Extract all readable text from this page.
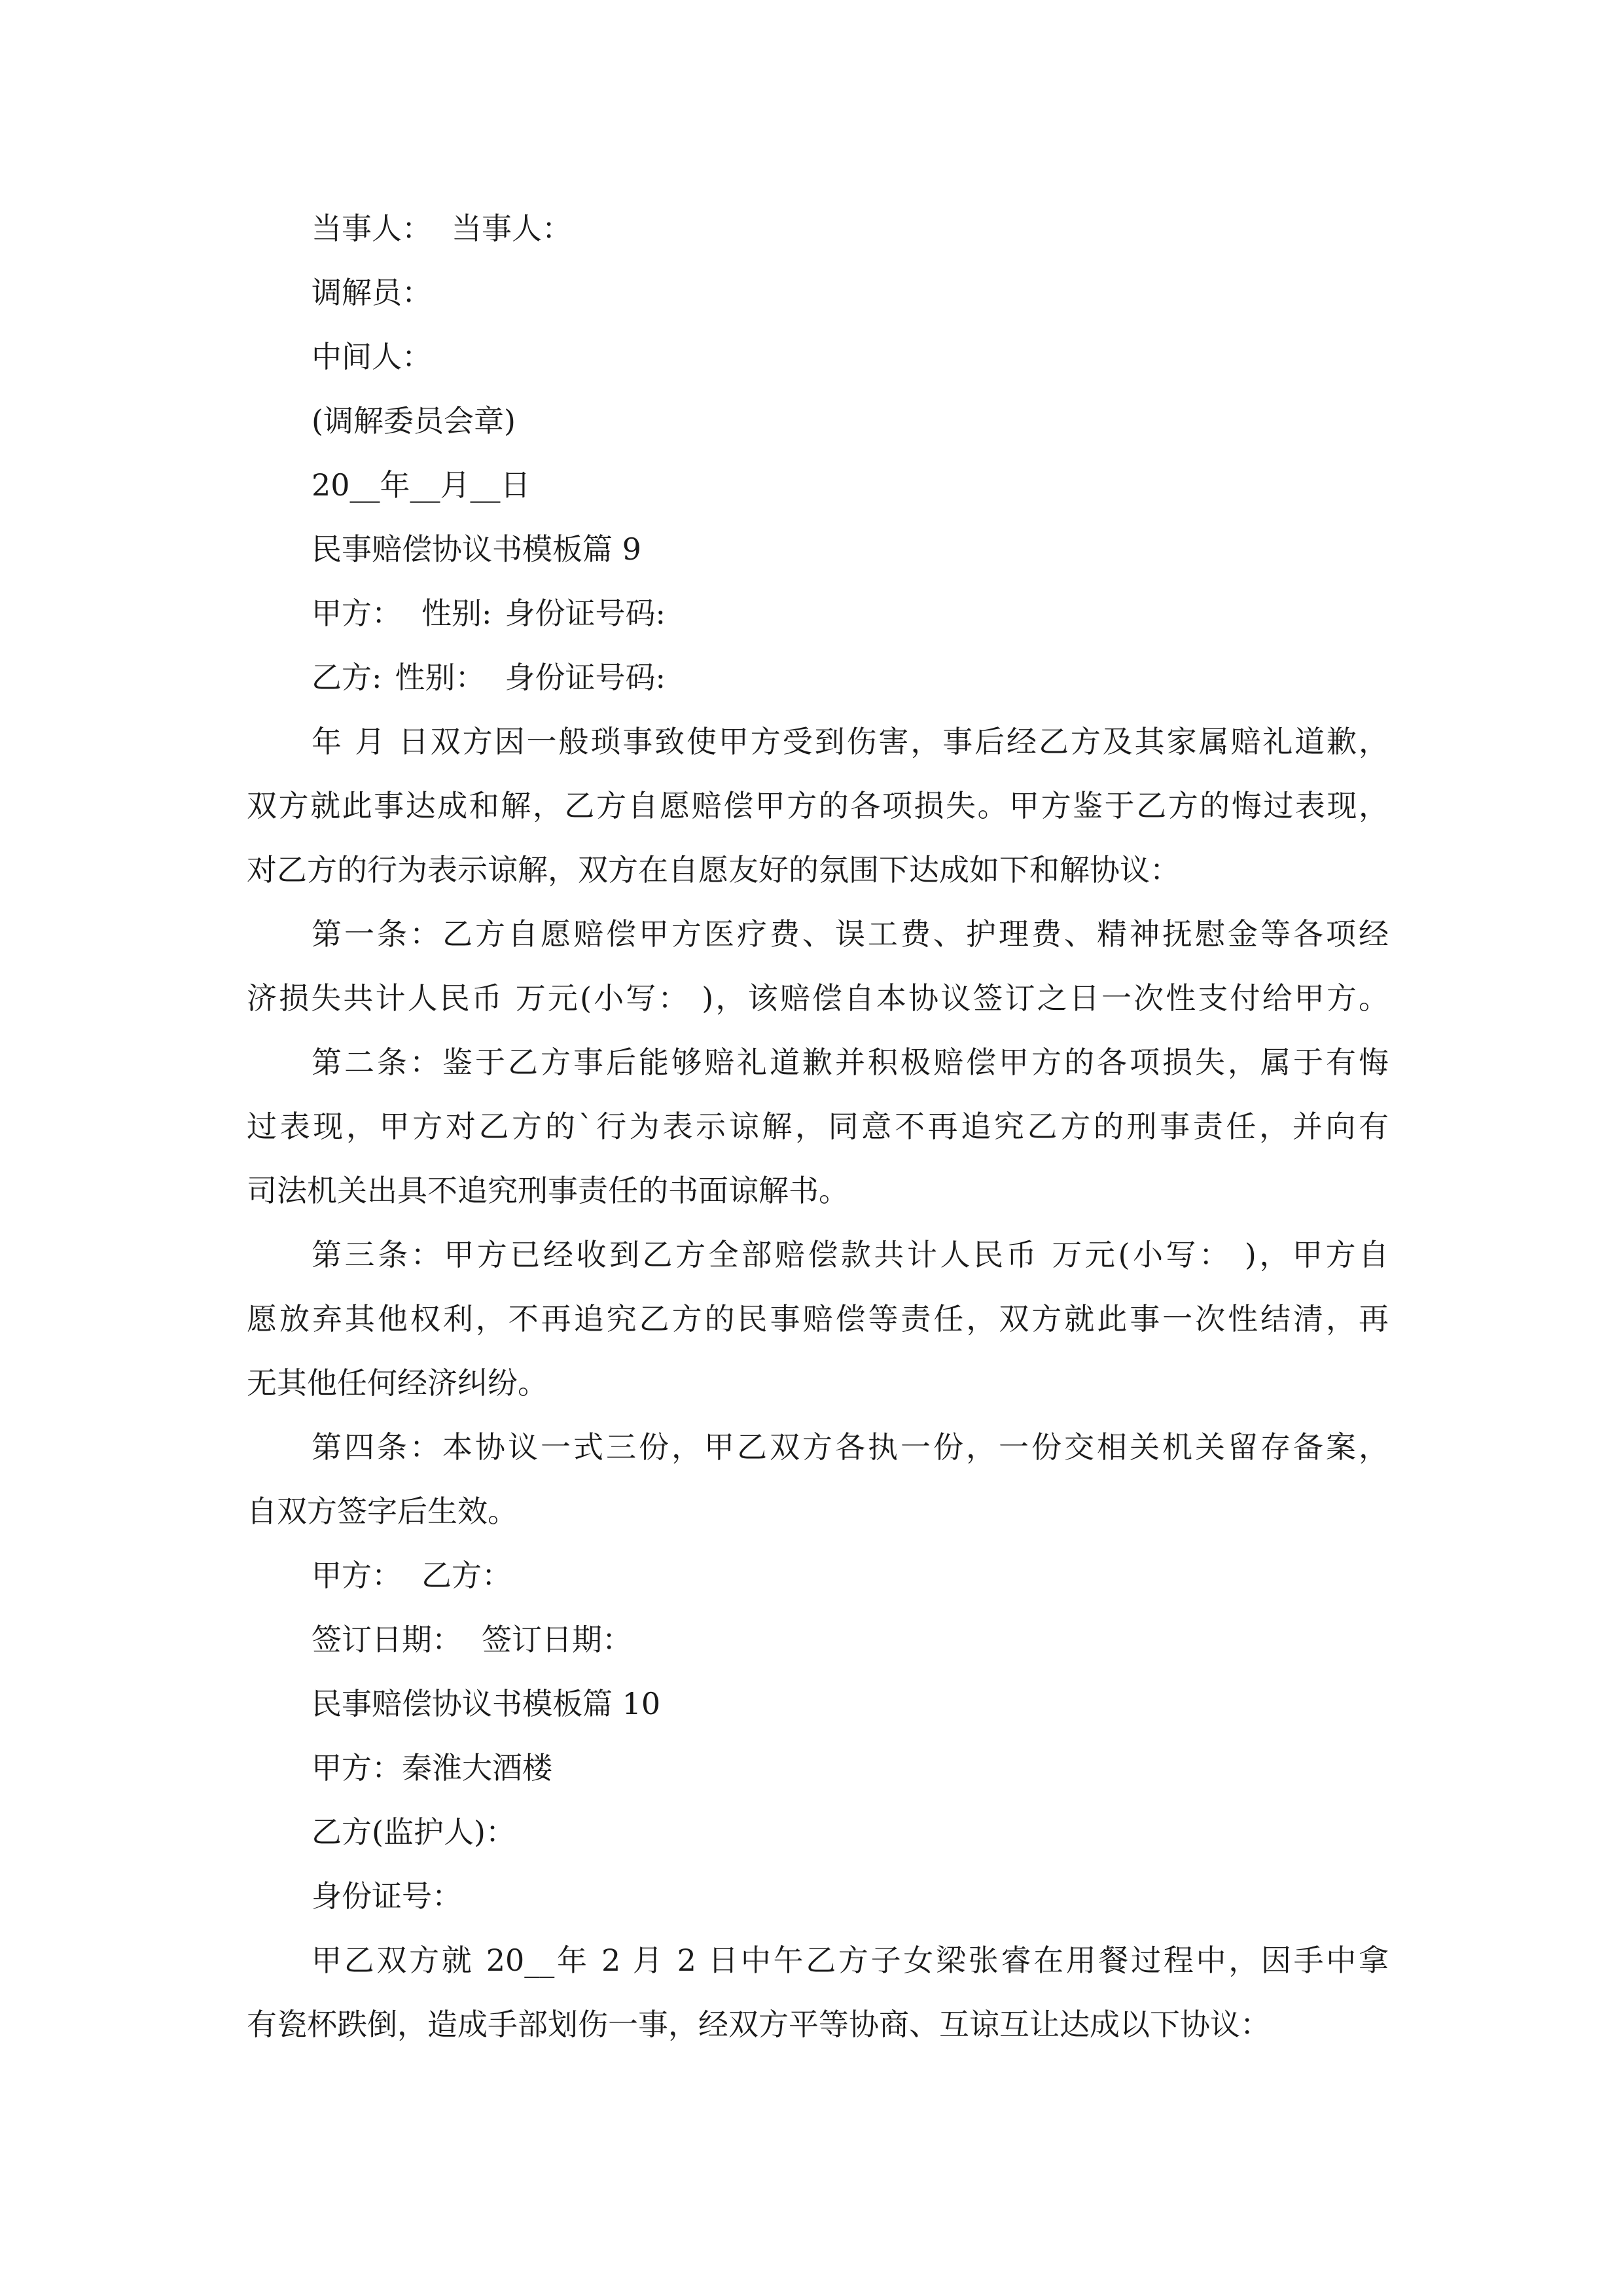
当事人： 当事人：
调解员：
中间人：
(调解委员会章)
20__年__月__日
民事赔偿协议书模板篇 9
甲方： 性别: 身份证号码:
乙方: 性别： 身份证号码:
年 月 日双方因一般琐事致使甲方受到伤害，事后经乙方及其家属赔礼道歉，
双方就此事达成和解，乙方自愿赔偿甲方的各项损失。甲方鉴于乙方的悔过表现，
对乙方的行为表示谅解，双方在自愿友好的氛围下达成如下和解协议：
第一条：乙方自愿赔偿甲方医疗费、误工费、护理费、精神抚慰金等各项经
济损失共计人民币 万元(小写： )，该赔偿自本协议签订之日一次性支付给甲方。
第二条：鉴于乙方事后能够赔礼道歉并积极赔偿甲方的各项损失，属于有悔
过表现，甲方对乙方的`行为表示谅解，同意不再追究乙方的刑事责任，并向有
司法机关出具不追究刑事责任的书面谅解书。
第三条：甲方已经收到乙方全部赔偿款共计人民币 万元(小写： )，甲方自
愿放弃其他权利，不再追究乙方的民事赔偿等责任，双方就此事一次性结清，再
无其他任何经济纠纷。
第四条：本协议一式三份，甲乙双方各执一份，一份交相关机关留存备案，
自双方签字后生效。
甲方： 乙方：
签订日期： 签订日期：
民事赔偿协议书模板篇 10
甲方：秦淮大酒楼
乙方(监护人)：
身份证号：
甲乙双方就 20__年 2 月 2 日中午乙方子女梁张睿在用餐过程中，因手中拿
有瓷杯跌倒，造成手部划伤一事，经双方平等协商、互谅互让达成以下协议：
